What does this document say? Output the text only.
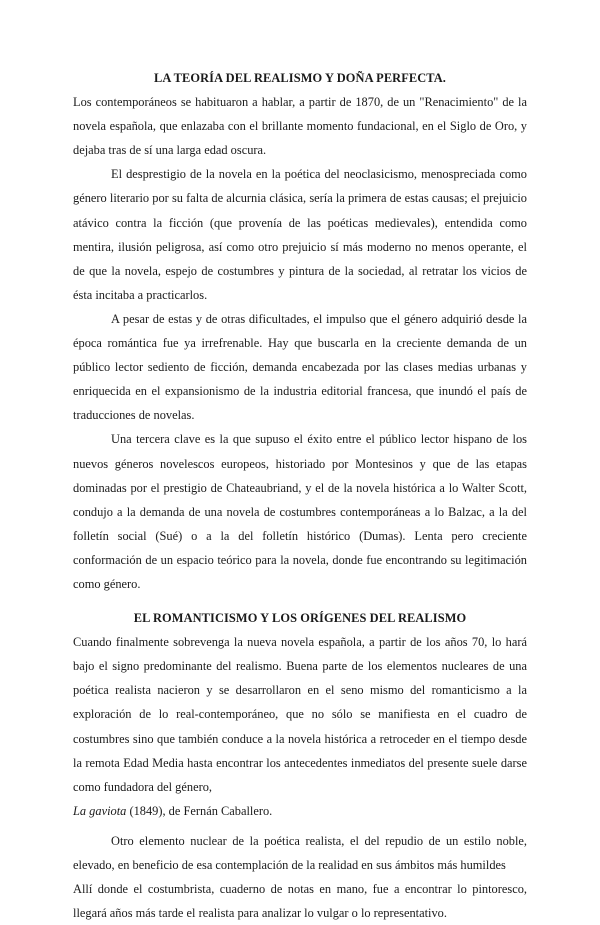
LA TEORÍA DEL REALISMO Y DOÑA PERFECTA.

Los contemporáneos se habituaron a hablar, a partir de 1870, de un "Renacimiento" de la novela española, que enlazaba con el brillante momento fundacional, en el Siglo de Oro, y dejaba tras de sí una larga edad oscura.

El desprestigio de la novela en la poética del neoclasicismo, menospreciada como género literario por su falta de alcurnia clásica, sería la primera de estas causas; el prejuicio atávico contra la ficción (que provenía de las poéticas medievales), entendida como mentira, ilusión peligrosa, así como otro prejuicio sí más moderno no menos operante, el de que la novela, espejo de costumbres y pintura de la sociedad, al retratar los vicios de ésta incitaba a practicarlos.

A pesar de estas y de otras dificultades, el impulso que el género adquirió desde la época romántica fue ya irrefrenable. Hay que buscarla en la creciente demanda de un público lector sediento de ficción, demanda encabezada por las clases medias urbanas y enriquecida en el expansionismo de la industria editorial francesa, que inundó el país de traducciones de novelas.

Una tercera clave es la que supuso el éxito entre el público lector hispano de los nuevos géneros novelescos europeos, historiado por Montesinos y que de las etapas dominadas por el prestigio de Chateaubriand, y el de la novela histórica a lo Walter Scott, condujo a la demanda de una novela de costumbres contemporáneas a lo Balzac, a la del folletín social (Sué) o a la del folletín histórico (Dumas). Lenta pero creciente conformación de un espacio teórico para la novela, donde fue encontrando su legitimación como género.

EL ROMANTICISMO Y LOS ORÍGENES DEL REALISMO

Cuando finalmente sobrevenga la nueva novela española, a partir de los años 70, lo hará bajo el signo predominante del realismo. Buena parte de los elementos nucleares de una poética realista nacieron y se desarrollaron en el seno mismo del romanticismo a la exploración de lo real-contemporáneo, que no sólo se manifiesta en el cuadro de costumbres sino que también conduce a la novela histórica a retroceder en el tiempo desde la remota Edad Media hasta encontrar los antecedentes inmediatos del presente suele darse como fundadora del género,
La gaviota (1849), de Fernán Caballero.

Otro elemento nuclear de la poética realista, el del repudio de un estilo noble, elevado, en beneficio de esa contemplación de la realidad en sus ámbitos más humildes

Allí donde el costumbrista, cuaderno de notas en mano, fue a encontrar lo pintoresco, llegará años más tarde el realista para analizar lo vulgar o lo representativo.
